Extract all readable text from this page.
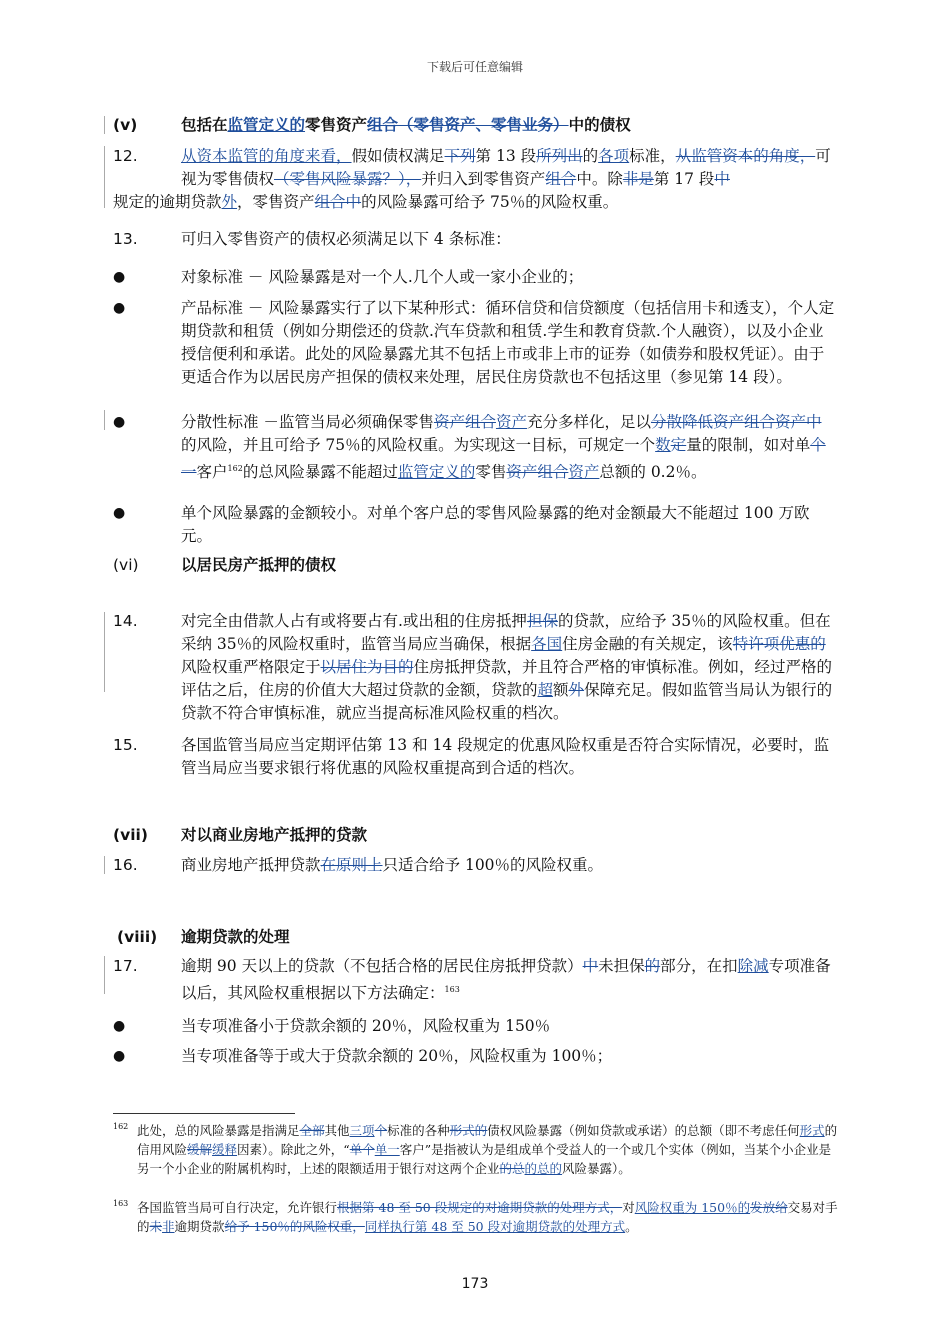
下载后可任意编辑
(v)	包括在监管定义的零售资产组合（零售资产、零售业务）中的债权
12.	从资本监管的角度来看，假如债权满足下列第 13 段所列出的各项标准，从监管资本的角度，可视为零售债权（零售风险暴露？），并归入到零售资产组合中。除非是第 17 段中
规定的逾期贷款外，零售资产组合中的风险暴露可给予 75％的风险权重。
13.	可归入零售资产的债权必须满足以下 4 条标准：
●	对象标准 － 风险暴露是对一个人.几个人或一家小企业的；
●	产品标准 － 风险暴露实行了以下某种形式：循环信贷和信贷额度（包括信用卡和透支），个人定期贷款和租赁（例如分期偿还的贷款.汽车贷款和租赁.学生和教育贷款.个人融资），以及小企业授信便利和承诺。此处的风险暴露尤其不包括上市或非上市的证券（如债券和股权凭证）。由于更适合作为以居民房产担保的债权来处理，居民住房贷款也不包括这里（参见第 14 段）。
●	分散性标准 －监管当局必须确保零售资产组合资产充分多样化，足以分散降低资产组合资产中的风险，并且可给予 75％的风险权重。为实现这一目标，可规定一个数定量的限制，如对单个一客户$^{162}$的总风险暴露不能超过监管定义的零售资产组合资产总额的 0.2％。
●	单个风险暴露的金额较小。对单个客户总的零售风险暴露的绝对金额最大不能超过 100 万欧元。
(vi)	以居民房产抵押的债权
14.	对完全由借款人占有或将要占有.或出租的住房抵押担保的贷款，应给予 35％的风险权重。但在采纳 35％的风险权重时，监管当局应当确保，根据各国住房金融的有关规定，该特许项优惠的风险权重严格限定于以居住为目的住房抵押贷款，并且符合严格的审慎标准。例如，经过严格的评估之后，住房的价值大大超过贷款的金额，贷款的超额外保障充足。假如监管当局认为银行的贷款不符合审慎标准，就应当提高标准风险权重的档次。
15.	各国监管当局应当定期评估第 13 和 14 段规定的优惠风险权重是否符合实际情况，必要时，监管当局应当要求银行将优惠的风险权重提高到合适的档次。
(vii)	对以商业房地产抵押的贷款
16.	商业房地产抵押贷款在原则上只适合给予 100％的风险权重。
(viii)	逾期贷款的处理
17.	逾期 90 天以上的贷款（不包括合格的居民住房抵押贷款）中未担保的部分，在扣除减专项准备以后，其风险权重根据以下方法确定：$^{163}$
●	当专项准备小于贷款余额的 20％，风险权重为 150％
●	当专项准备等于或大于贷款余额的 20％，风险权重为 100％；
162 此处，总的风险暴露是指满足全部其他三项个标准的各种形式的债权风险暴露（例如贷款或承诺）的总额（即不考虑任何形式的信用风险缓解缓释因素）。除此之外，“单个单一客户”是指被认为是组成单个受益人的一个或几个实体（例如，当某个小企业是另一个小企业的附属机构时，上述的限额适用于银行对这两个企业的总的总的风险暴露）。
163 各国监管当局可自行决定，允许银行根据第 48 至 50 段规定的对逾期贷款的处理方式，对风险权重为 150％的发放给交易对手的未非逾期贷款给予 150％的风险权重，同样执行第 48 至 50 段对逾期贷款的处理方式。
173
